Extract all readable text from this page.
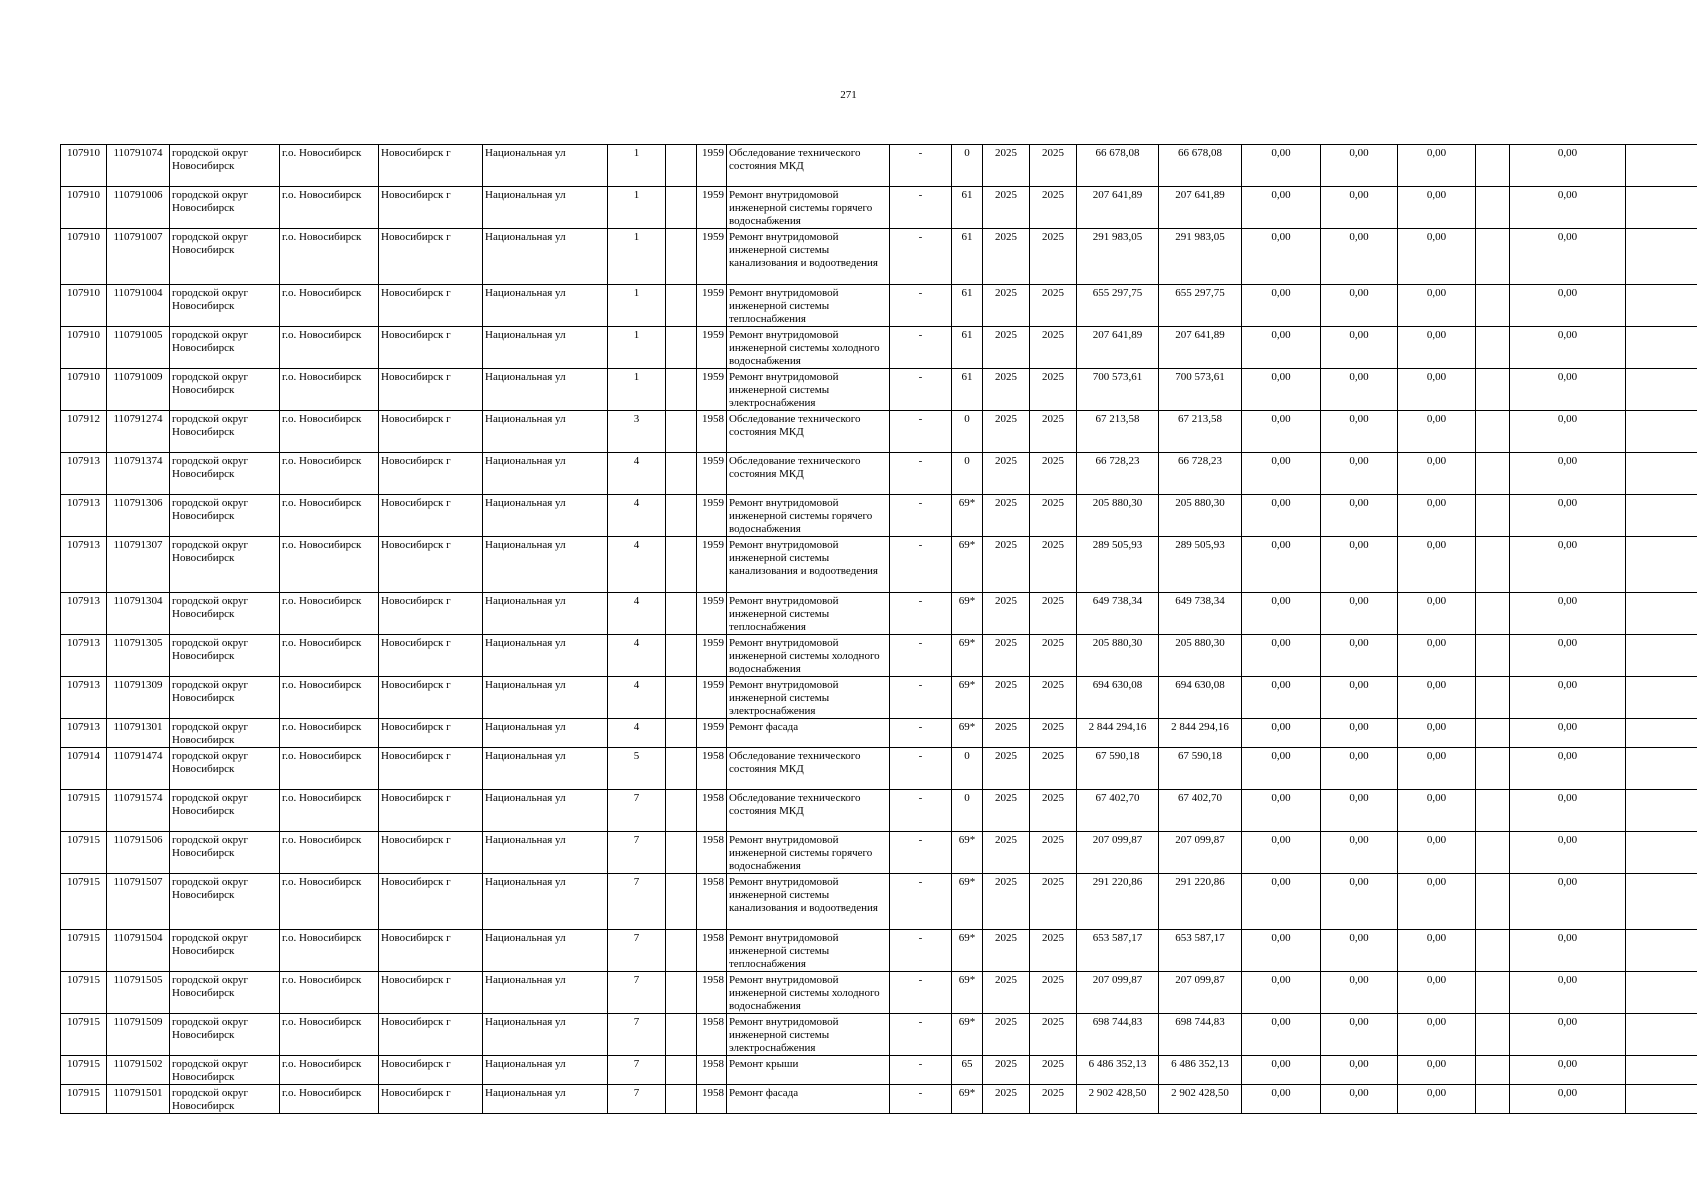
271
107910	110791074	городской округ Новосибирск	г.о. Новосибирск	Новосибирск г	Национальная ул	1		1959	Обследование технического состояния МКД	-	0	2025	2025	66 678,08	66 678,08	0,00	0,00	0,00		0,00	
107910	110791006	городской округ Новосибирск	г.о. Новосибирск	Новосибирск г	Национальная ул	1		1959	Ремонт внутридомовой инженерной системы горячего водоснабжения	-	61	2025	2025	207 641,89	207 641,89	0,00	0,00	0,00		0,00	
107910	110791007	городской округ Новосибирск	г.о. Новосибирск	Новосибирск г	Национальная ул	1		1959	Ремонт внутридомовой инженерной системы канализования и водоотведения	-	61	2025	2025	291 983,05	291 983,05	0,00	0,00	0,00		0,00	
107910	110791004	городской округ Новосибирск	г.о. Новосибирск	Новосибирск г	Национальная ул	1		1959	Ремонт внутридомовой инженерной системы теплоснабжения	-	61	2025	2025	655 297,75	655 297,75	0,00	0,00	0,00		0,00	
107910	110791005	городской округ Новосибирск	г.о. Новосибирск	Новосибирск г	Национальная ул	1		1959	Ремонт внутридомовой инженерной системы холодного водоснабжения	-	61	2025	2025	207 641,89	207 641,89	0,00	0,00	0,00		0,00	
107910	110791009	городской округ Новосибирск	г.о. Новосибирск	Новосибирск г	Национальная ул	1		1959	Ремонт внутридомовой инженерной системы электроснабжения	-	61	2025	2025	700 573,61	700 573,61	0,00	0,00	0,00		0,00	
107912	110791274	городской округ Новосибирск	г.о. Новосибирск	Новосибирск г	Национальная ул	3		1958	Обследование технического состояния МКД	-	0	2025	2025	67 213,58	67 213,58	0,00	0,00	0,00		0,00	
107913	110791374	городской округ Новосибирск	г.о. Новосибирск	Новосибирск г	Национальная ул	4		1959	Обследование технического состояния МКД	-	0	2025	2025	66 728,23	66 728,23	0,00	0,00	0,00		0,00	
107913	110791306	городской округ Новосибирск	г.о. Новосибирск	Новосибирск г	Национальная ул	4		1959	Ремонт внутридомовой инженерной системы горячего водоснабжения	-	69*	2025	2025	205 880,30	205 880,30	0,00	0,00	0,00		0,00	
107913	110791307	городской округ Новосибирск	г.о. Новосибирск	Новосибирск г	Национальная ул	4		1959	Ремонт внутридомовой инженерной системы канализования и водоотведения	-	69*	2025	2025	289 505,93	289 505,93	0,00	0,00	0,00		0,00	
107913	110791304	городской округ Новосибирск	г.о. Новосибирск	Новосибирск г	Национальная ул	4		1959	Ремонт внутридомовой инженерной системы теплоснабжения	-	69*	2025	2025	649 738,34	649 738,34	0,00	0,00	0,00		0,00	
107913	110791305	городской округ Новосибирск	г.о. Новосибирск	Новосибирск г	Национальная ул	4		1959	Ремонт внутридомовой инженерной системы холодного водоснабжения	-	69*	2025	2025	205 880,30	205 880,30	0,00	0,00	0,00		0,00	
107913	110791309	городской округ Новосибирск	г.о. Новосибирск	Новосибирск г	Национальная ул	4		1959	Ремонт внутридомовой инженерной системы электроснабжения	-	69*	2025	2025	694 630,08	694 630,08	0,00	0,00	0,00		0,00	
107913	110791301	городской округ Новосибирск	г.о. Новосибирск	Новосибирск г	Национальная ул	4		1959	Ремонт фасада	-	69*	2025	2025	2 844 294,16	2 844 294,16	0,00	0,00	0,00		0,00	
107914	110791474	городской округ Новосибирск	г.о. Новосибирск	Новосибирск г	Национальная ул	5		1958	Обследование технического состояния МКД	-	0	2025	2025	67 590,18	67 590,18	0,00	0,00	0,00		0,00	
107915	110791574	городской округ Новосибирск	г.о. Новосибирск	Новосибирск г	Национальная ул	7		1958	Обследование технического состояния МКД	-	0	2025	2025	67 402,70	67 402,70	0,00	0,00	0,00		0,00	
107915	110791506	городской округ Новосибирск	г.о. Новосибирск	Новосибирск г	Национальная ул	7		1958	Ремонт внутридомовой инженерной системы горячего водоснабжения	-	69*	2025	2025	207 099,87	207 099,87	0,00	0,00	0,00		0,00	
107915	110791507	городской округ Новосибирск	г.о. Новосибирск	Новосибирск г	Национальная ул	7		1958	Ремонт внутридомовой инженерной системы канализования и водоотведения	-	69*	2025	2025	291 220,86	291 220,86	0,00	0,00	0,00		0,00	
107915	110791504	городской округ Новосибирск	г.о. Новосибирск	Новосибирск г	Национальная ул	7		1958	Ремонт внутридомовой инженерной системы теплоснабжения	-	69*	2025	2025	653 587,17	653 587,17	0,00	0,00	0,00		0,00	
107915	110791505	городской округ Новосибирск	г.о. Новосибирск	Новосибирск г	Национальная ул	7		1958	Ремонт внутридомовой инженерной системы холодного водоснабжения	-	69*	2025	2025	207 099,87	207 099,87	0,00	0,00	0,00		0,00	
107915	110791509	городской округ Новосибирск	г.о. Новосибирск	Новосибирск г	Национальная ул	7		1958	Ремонт внутридомовой инженерной системы электроснабжения	-	69*	2025	2025	698 744,83	698 744,83	0,00	0,00	0,00		0,00	
107915	110791502	городской округ Новосибирск	г.о. Новосибирск	Новосибирск г	Национальная ул	7		1958	Ремонт крыши	-	65	2025	2025	6 486 352,13	6 486 352,13	0,00	0,00	0,00		0,00	
107915	110791501	городской округ Новосибирск	г.о. Новосибирск	Новосибирск г	Национальная ул	7		1958	Ремонт фасада	-	69*	2025	2025	2 902 428,50	2 902 428,50	0,00	0,00	0,00		0,00	
